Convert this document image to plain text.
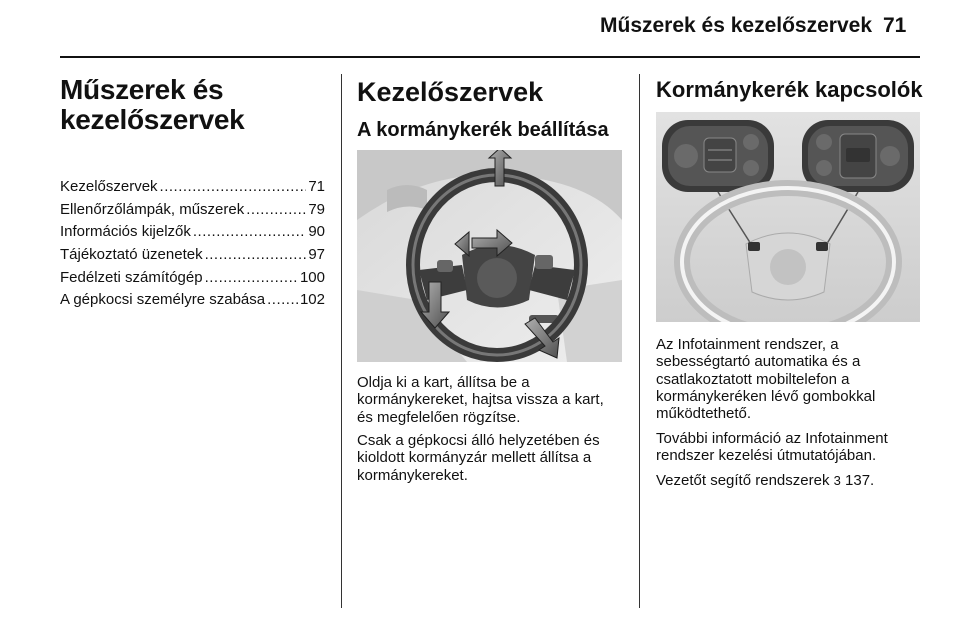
Műszerek és kezelőszervek 71
Műszerek és
kezelőszervek
Kezelőszervek .....	71
Ellenőrzőlámpák, műszerek .....	79
Információs kijelzők .....	90
Tájékoztató üzenetek .....	97
Fedélzeti számítógép .....	100
A gépkocsi személyre szabása ..... 102
Kezelőszervek
A kormánykerék beállítása

Oldja ki a kart, állítsa be a kormánykereket, hajtsa vissza a kart, és megfelelően rögzítse.

Csak a gépkocsi álló helyzetében és kioldott kormányzár mellett állítsa a kormánykereket.

Kormánykerék kapcsolók

Az Infotainment rendszer, a sebességtartó automatika és a csatlakoztatott mobiltelefon a kormánykeréken lévő gombokkal működtethető.

További információ az Infotainment rendszer kezelési útmutatójában.

Vezetőt segítő rendszerek 3 137.
